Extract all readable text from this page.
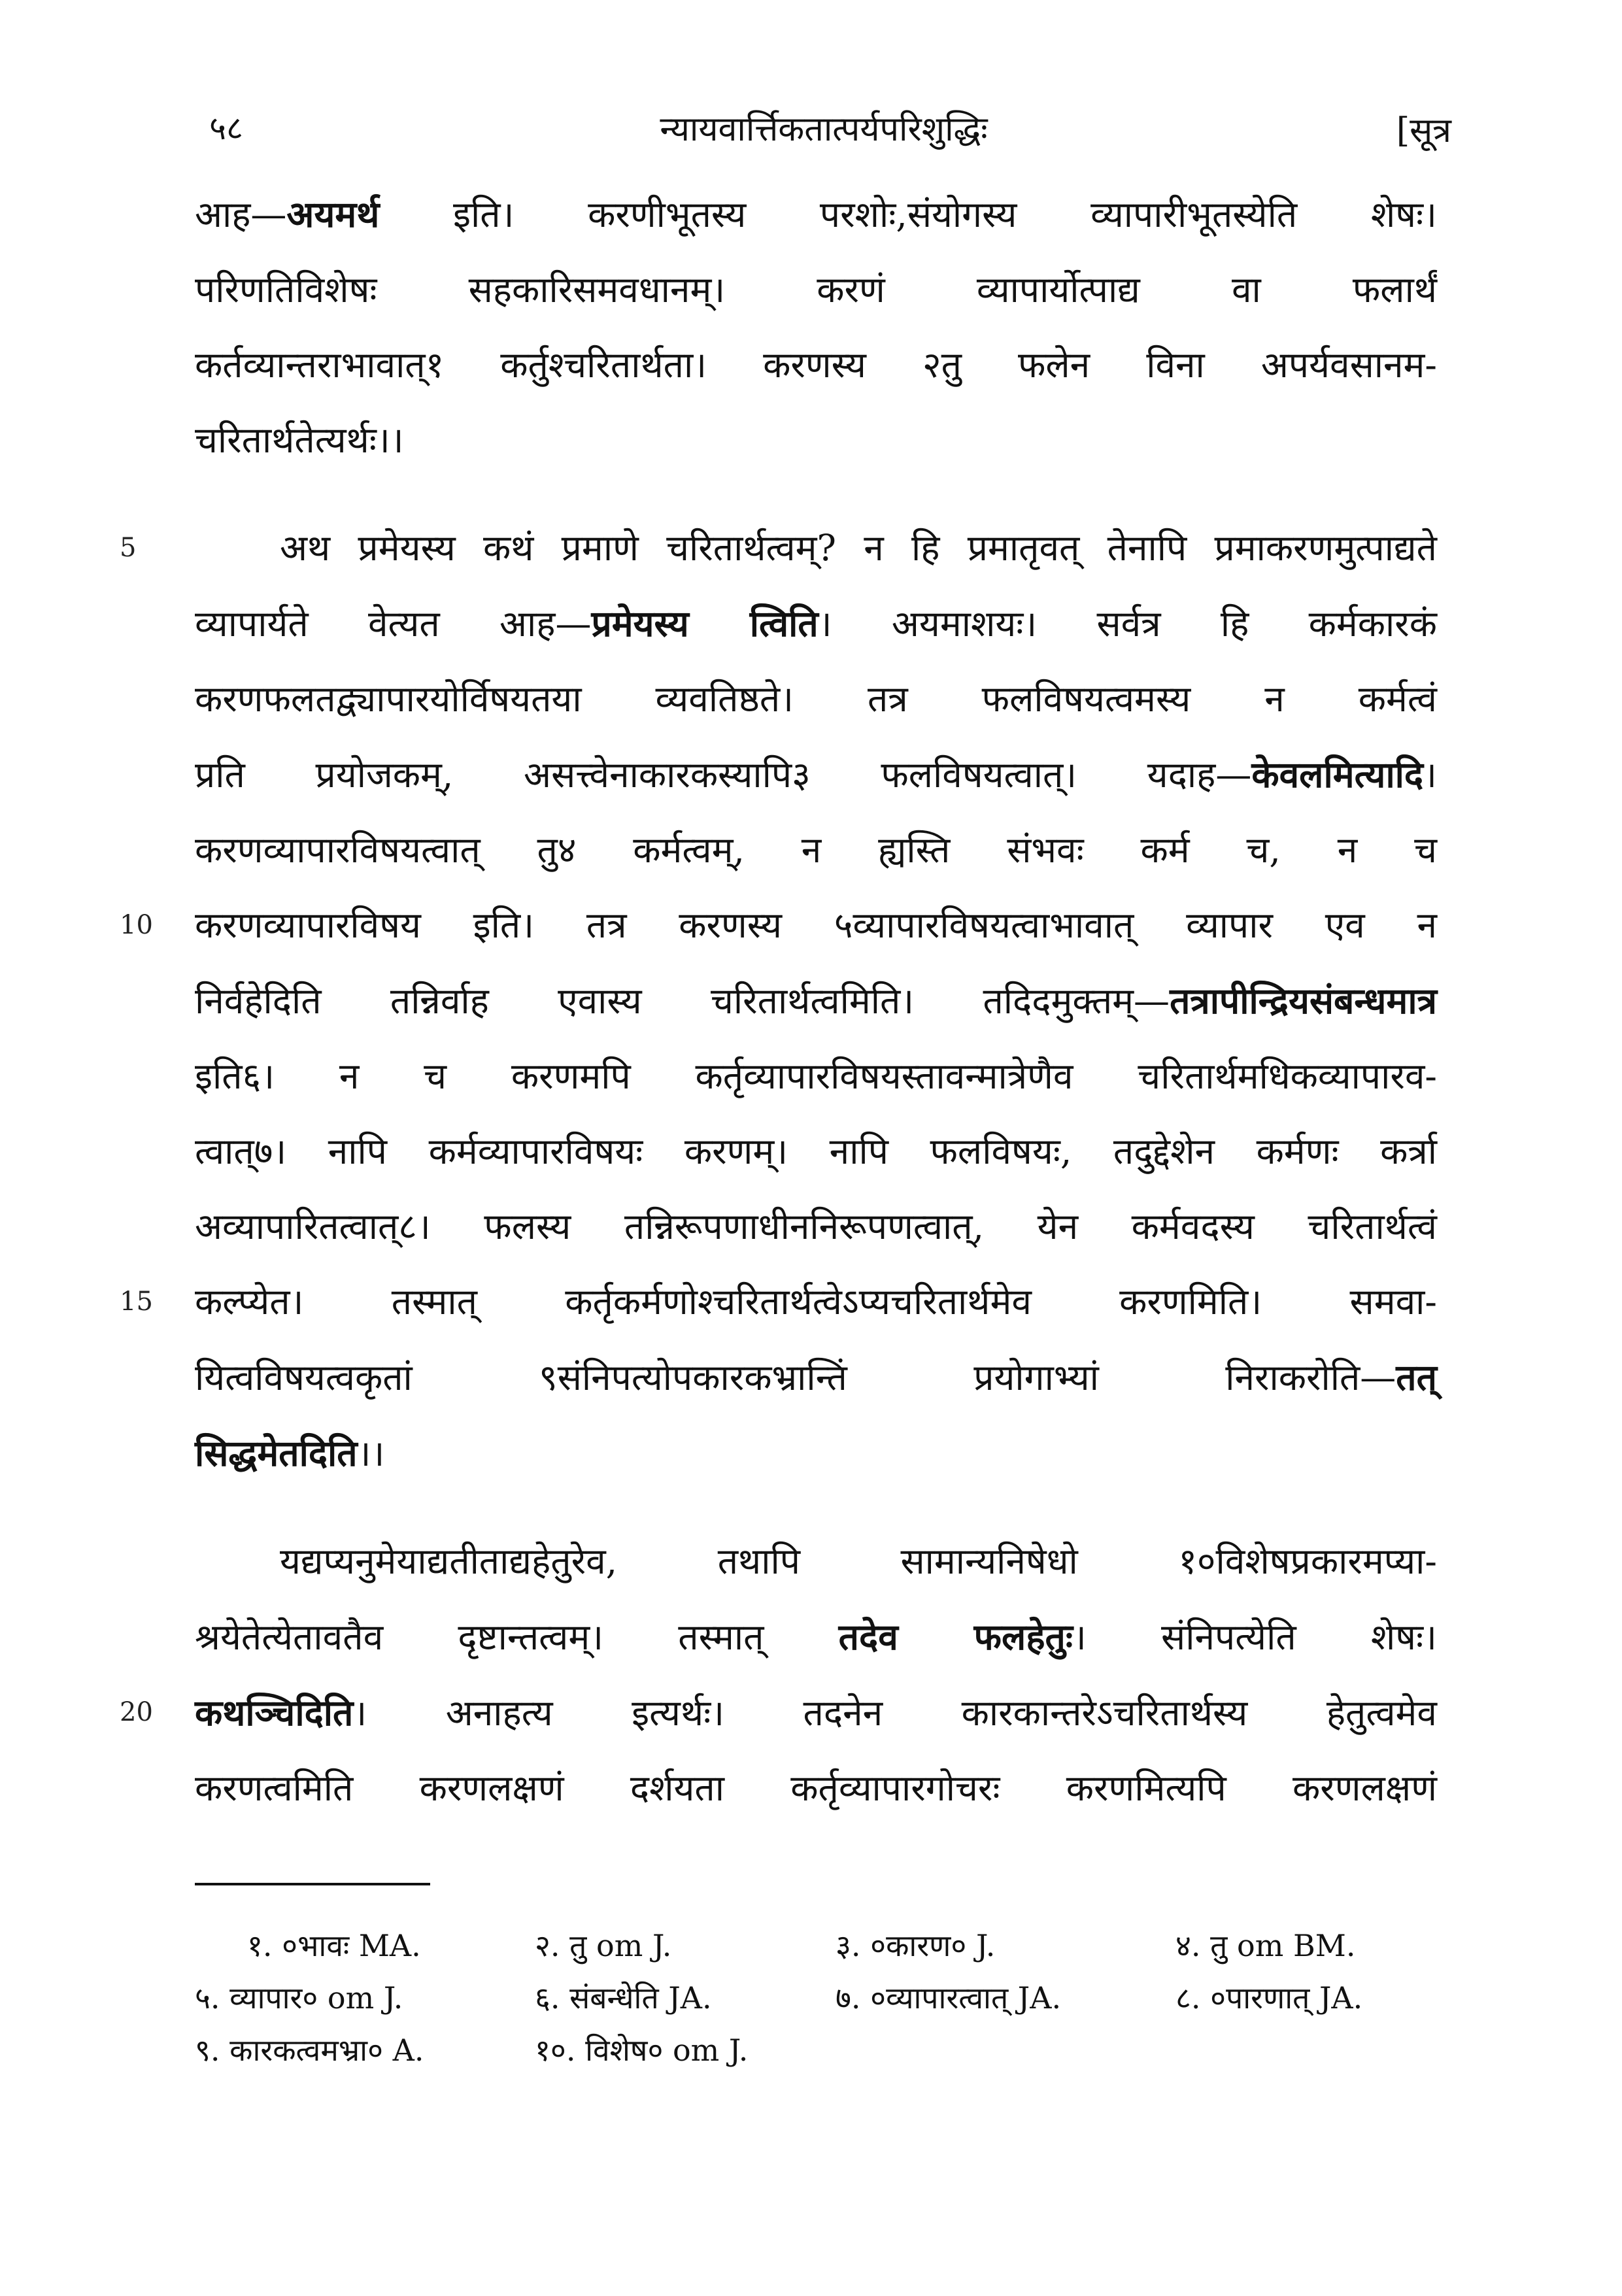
५८	न्यायवार्त्तिकतात्पर्यपरिशुद्धिः	[सूत्र
आह—अयमर्थ इति। करणीभूतस्य परशोः,संयोगस्य व्यापारीभूतस्येति शेषः।
परिणतिविशेषः सहकारिसमवधानम्। करणं व्यापार्योत्पाद्य वा फलार्थं
कर्तव्यान्तराभावात्१ कर्तुश्चरितार्थता। करणस्य २तु फलेन विना अपर्यवसानम-
चरितार्थतेत्यर्थः।।
5	अथ प्रमेयस्य कथं प्रमाणे चरितार्थत्वम्? न हि प्रमातृवत् तेनापि प्रमाकरणमुत्पाद्यते
व्यापार्यते वेत्यत आह—प्रमेयस्य त्विति। अयमाशयः। सर्वत्र हि कर्मकारकं
करणफलतद्व्यापारयोर्विषयतया व्यवतिष्ठते। तत्र फलविषयत्वमस्य न कर्मत्वं
प्रति प्रयोजकम्, असत्त्वेनाकारकस्यापि३ फलविषयत्वात्। यदाह—केवलमित्यादि।
करणव्यापारविषयत्वात् तु४ कर्मत्वम्, न ह्यस्ति संभवः कर्म च, न च
10 करणव्यापारविषय इति। तत्र करणस्य ५व्यापारविषयत्वाभावात् व्यापार एव न
निर्वहेदिति तन्निर्वाह एवास्य चरितार्थत्वमिति। तदिदमुक्तम्—तत्रापीन्द्रियसंबन्धमात्र
इति६। न च करणमपि कर्तृव्यापारविषयस्तावन्मात्रेणैव चरितार्थमधिकव्यापारव-
त्वात्७। नापि कर्मव्यापारविषयः करणम्। नापि फलविषयः, तदुद्देशेन कर्मणः कर्त्रा
अव्यापारितत्वात्८। फलस्य तन्निरूपणाधीननिरूपणत्वात्, येन कर्मवदस्य चरितार्थत्वं
15 कल्प्येत। तस्मात् कर्तृकर्मणोश्चरितार्थत्वेऽप्यचरितार्थमेव करणमिति। समवा-
यित्वविषयत्वकृतां ९संनिपत्योपकारकभ्रान्तिं प्रयोगाभ्यां निराकरोति—तत्
सिद्धमेतदिति।।
यद्यप्यनुमेयाद्यतीताद्यहेतुरेव, तथापि सामान्यनिषेधो १०विशेषप्रकारमप्या-
श्रयेतेत्येतावतैव दृष्टान्तत्वम्। तस्मात् तदेव फलहेतुः। संनिपत्येति शेषः।
20 कथञ्चिदिति। अनाहत्य इत्यर्थः। तदनेन कारकान्तरेऽचरितार्थस्य हेतुत्वमेव
करणत्वमिति करणलक्षणं दर्शयता कर्तृव्यापारगोचरः करणमित्यपि करणलक्षणं
१. ०भावः MA.	२. तु om J.	३. ०कारण० J.	४. तु om BM.
५. व्यापार० om J.	६. संबन्धेति JA.	७. ०व्यापारत्वात् JA.	८. ०पारणात् JA.
९. कारकत्वमभ्रा० A.	१०. विशेष० om J.
